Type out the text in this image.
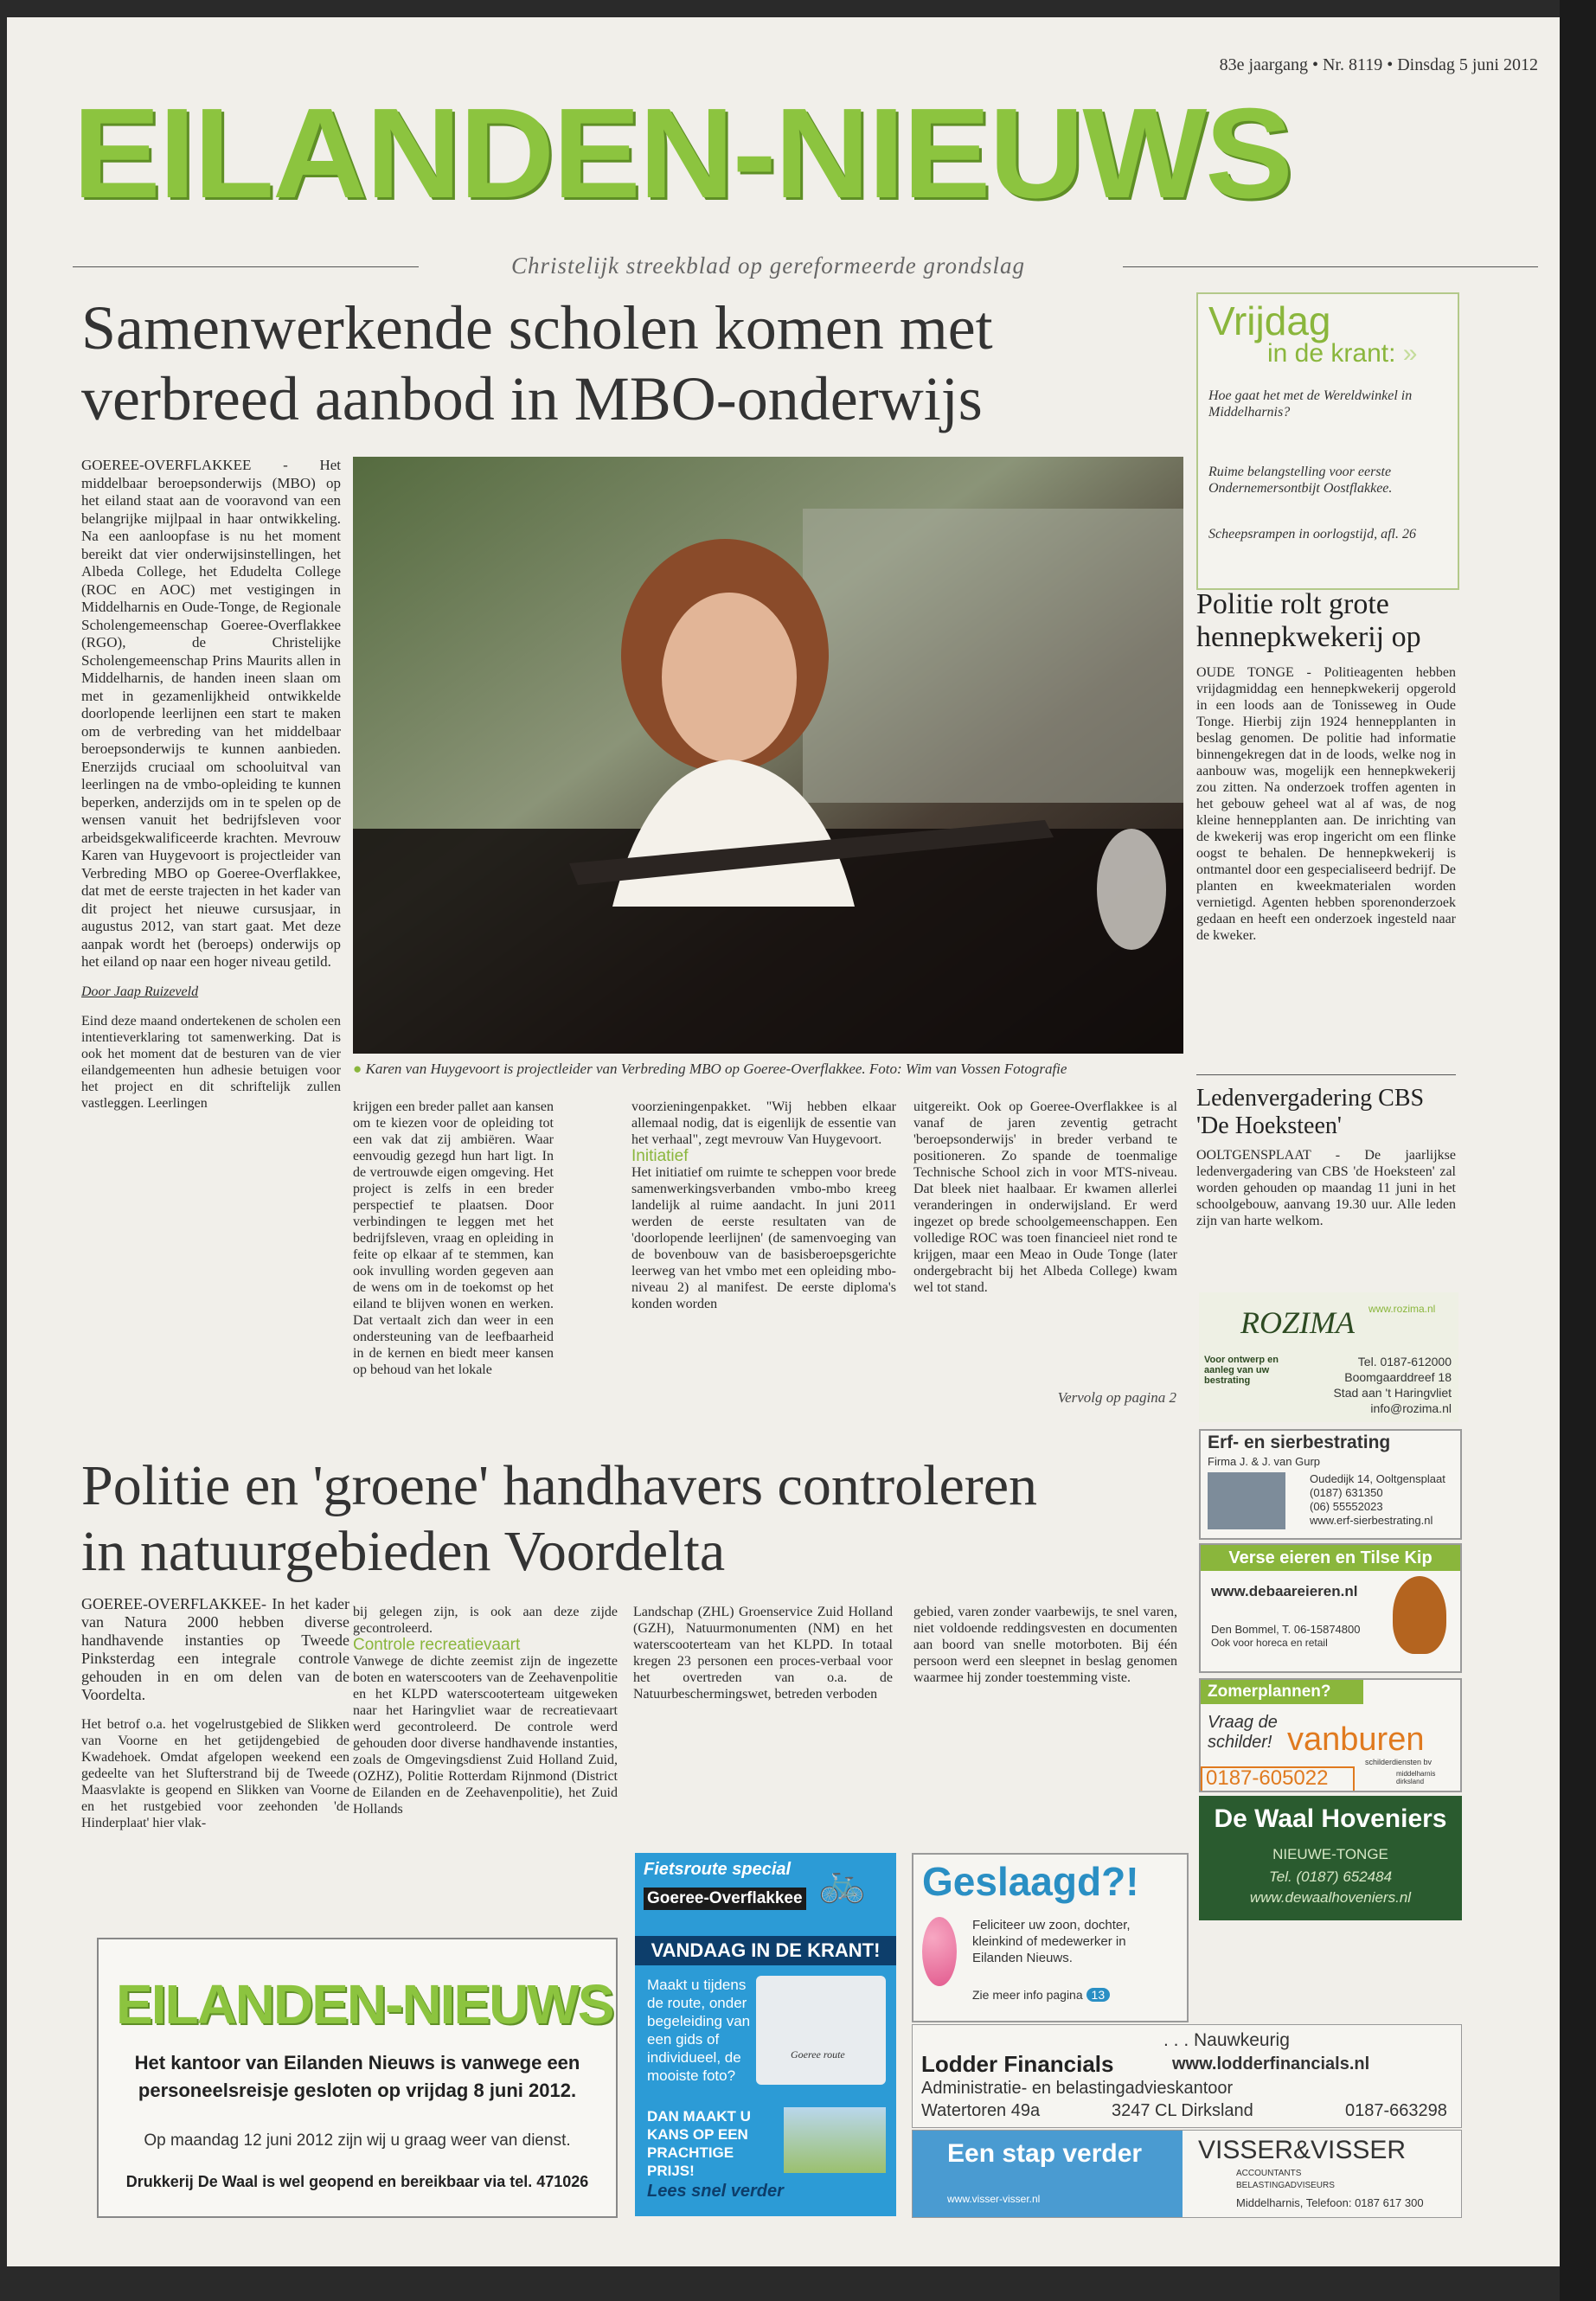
83e jaargang • Nr. 8119 • Dinsdag 5 juni 2012
EILANDEN-NIEUWS
Christelijk streekblad op gereformeerde grondslag
Samenwerkende scholen komen met
verbreed aanbod in MBO-onderwijs

GOEREE-OVERFLAKKEE - Het middelbaar beroepsonderwijs (MBO) op het eiland staat aan de vooravond van een belangrijke mijlpaal in haar ontwikkeling. Na een aanloopfase is nu het moment bereikt dat vier onderwijsinstellingen, het Albeda College, het Edudelta College (ROC en AOC) met vestigingen in Middelharnis en Oude-Tonge, de Regionale Scholengemeenschap Goeree-Overflakkee (RGO), de Christelijke Scholengemeenschap Prins Maurits allen in Middelharnis, de handen ineen slaan om met in gezamenlijkheid ontwikkelde doorlopende leerlijnen een start te maken om de verbreding van het middelbaar beroepsonderwijs te kunnen aanbieden. Enerzijds cruciaal om schooluitval van leerlingen na de vmbo-opleiding te kunnen beperken, anderzijds om in te spelen op de wensen vanuit het bedrijfsleven voor arbeidsgekwalificeerde krachten. Mevrouw Karen van Huygevoort is projectleider van Verbreding MBO op Goeree-Overflakkee, dat met de eerste trajecten in het kader van dit project het nieuwe cursusjaar, in augustus 2012, van start gaat. Met deze aanpak wordt het (beroeps) onderwijs op het eiland op naar een hoger niveau getild.

Door Jaap Ruizeveld

Eind deze maand ondertekenen de scholen een intentieverklaring tot samenwerking. Dat is ook het moment dat de besturen van de vier eilandgemeenten hun adhesie betuigen voor het project en dit schriftelijk zullen vastleggen. Leerlingen

● Karen van Huygevoort is projectleider van Verbreding MBO op Goeree-Overflakkee. Foto: Wim van Vossen Fotografie

krijgen een breder pallet aan kansen om te kiezen voor de opleiding tot een vak dat zij ambiëren. Waar eenvoudig gezegd hun hart ligt. In de vertrouwde eigen omgeving. Het project is zelfs in een breder perspectief te plaatsen. Door verbindingen te leggen met het bedrijfsleven, vraag en opleiding in feite op elkaar af te stemmen, kan ook invulling worden gegeven aan de wens om in de toekomst op het eiland te blijven wonen en werken. Dat vertaalt zich dan weer in een ondersteuning van de leefbaarheid in de kernen en biedt meer kansen op behoud van het lokale

voorzieningenpakket. "Wij hebben elkaar allemaal nodig, dat is eigenlijk de essentie van het verhaal", zegt mevrouw Van Huygevoort.

Initiatief

Het initiatief om ruimte te scheppen voor brede samenwerkingsverbanden vmbo-mbo kreeg landelijk al ruime aandacht. In juni 2011 werden de eerste resultaten van de 'doorlopende leerlijnen' (de samenvoeging van de bovenbouw van de basisberoepsgerichte leerweg van het vmbo met een opleiding mbo-niveau 2) al manifest. De eerste diploma's konden worden

uitgereikt. Ook op Goeree-Overflakkee is al vanaf de jaren zeventig getracht 'beroepsonderwijs' in breder verband te positioneren. Zo spande de toenmalige Technische School zich in voor MTS-niveau. Dat bleek niet haalbaar. Er kwamen allerlei veranderingen in onderwijsland. Er werd ingezet op brede schoolgemeenschappen. Een volledige ROC was toen financieel niet rond te krijgen, maar een Meao in Oude Tonge (later ondergebracht bij het Albeda College) kwam wel tot stand.

Vervolg op pagina 2
Vrijdag
in de krant: »
Hoe gaat het met de Wereldwinkel in Middelharnis?
Ruime belangstelling voor eerste Ondernemersontbijt Oostflakkee.
Scheepsrampen in oorlogstijd, afl. 26
Politie rolt grote hennepkwekerij op
OUDE TONGE - Politieagenten hebben vrijdagmiddag een hennepkwekerij opgerold in een loods aan de Tonisseweg in Oude Tonge. Hierbij zijn 1924 hennepplanten in beslag genomen. De politie had informatie binnengekregen dat in de loods, welke nog in aanbouw was, mogelijk een hennepkwekerij zou zitten. Na onderzoek troffen agenten in het gebouw geheel wat al af was, de nog kleine hennepplanten aan. De inrichting van de kwekerij was erop ingericht om een flinke oogst te behalen. De hennepkwekerij is ontmantel door een gespecialiseerd bedrijf. De planten en kweekmaterialen worden vernietigd. Agenten hebben sporenonderzoek gedaan en heeft een onderzoek ingesteld naar de kweker.
Ledenvergadering CBS
'De Hoeksteen'
OOLTGENSPLAAT - De jaarlijkse ledenvergadering van CBS 'de Hoeksteen' zal worden gehouden op maandag 11 juni in het schoolgebouw, aanvang 19.30 uur. Alle leden zijn van harte welkom.
ROZIMA www.rozima.nl
Voor ontwerp en aanleg van uw bestrating
Tel. 0187-612000
Boomgaarddreef 18
Stad aan 't Haringvliet
info@rozima.nl
Erf- en sierbestrating
Firma J. & J. van Gurp
Oudedijk 14, Ooltgensplaat
(0187) 631350
(06) 55552023
www.erf-sierbestrating.nl
Verse eieren en Tilse Kip
www.debaareieren.nl
Den Bommel, T. 06-15874800
Ook voor horeca en retail
Zomerplannen?
Vraag de schilder! vanburen
schilderdiensten bv
0187-605022	middelharnis dirksland
De Waal Hoveniers
NIEUWE-TONGE
Tel. (0187) 652484
www.dewaalhoveniers.nl
Politie en 'groene' handhavers controleren
in natuurgebieden Voordelta

GOEREE-OVERFLAKKEE- In het kader van Natura 2000 hebben diverse handhavende instanties op Tweede Pinksterdag een integrale controle gehouden in en om delen van de Voordelta.

Het betrof o.a. het vogelrustgebied de Slikken van Voorne en het getijdengebied de Kwadehoek. Omdat afgelopen weekend een gedeelte van het Slufterstrand bij de Tweede Maasvlakte is geopend en Slikken van Voorne en het rustgebied voor zeehonden 'de Hinderplaat' hier vlak-

bij gelegen zijn, is ook aan deze zijde gecontroleerd.

Controle recreatievaart

Vanwege de dichte zeemist zijn de ingezette boten en waterscooters van de Zeehavenpolitie en het KLPD waterscooterteam uitgeweken naar het Haringvliet waar de recreatievaart werd gecontroleerd. De controle werd gehouden door diverse handhavende instanties, zoals de Omgevingsdienst Zuid Holland Zuid, (OZHZ), Politie Rotterdam Rijnmond (District de Eilanden en de Zeehavenpolitie), het Zuid Hollands

Landschap (ZHL) Groenservice Zuid Holland (GZH), Natuurmonumenten (NM) en het waterscooterteam van het KLPD. In totaal kregen 23 personen een proces-verbaal voor het overtreden van o.a. de Natuurbeschermingswet, betreden verboden

gebied, varen zonder vaarbewijs, te snel varen, niet voldoende reddingsvesten en documenten aan boord van snelle motorboten. Bij één persoon werd een sleepnet in beslag genomen waarmee hij zonder toestemming viste.

EILANDEN-NIEUWS
Het kantoor van Eilanden Nieuws is vanwege een
personeelsreisje gesloten op vrijdag 8 juni 2012.
Op maandag 12 juni 2012 zijn wij u graag weer van dienst.
Drukkerij De Waal is wel geopend en bereikbaar via tel. 471026
Fietsroute special
Goeree-Overflakkee 🚲
VANDAAG IN DE KRANT!
Maakt u tijdens de route, onder begeleiding van een gids of individueel, de mooiste foto?
Goeree route
DAN MAAKT U KANS OP EEN PRACHTIGE PRIJS!
Lees snel verder
Geslaagd?!
Feliciteer uw zoon, dochter, kleinkind of medewerker in Eilanden Nieuws.
Zie meer info pagina 13
. . . Nauwkeurig
Lodder Financials	www.lodderfinancials.nl
Administratie- en belastingadvieskantoor
Watertoren 49a	3247 CL Dirksland	0187-663298
Een stap verder
www.visser-visser.nl
VISSER&VISSER
ACCOUNTANTS
BELASTINGADVISEURS
Middelharnis, Telefoon: 0187 617 300
